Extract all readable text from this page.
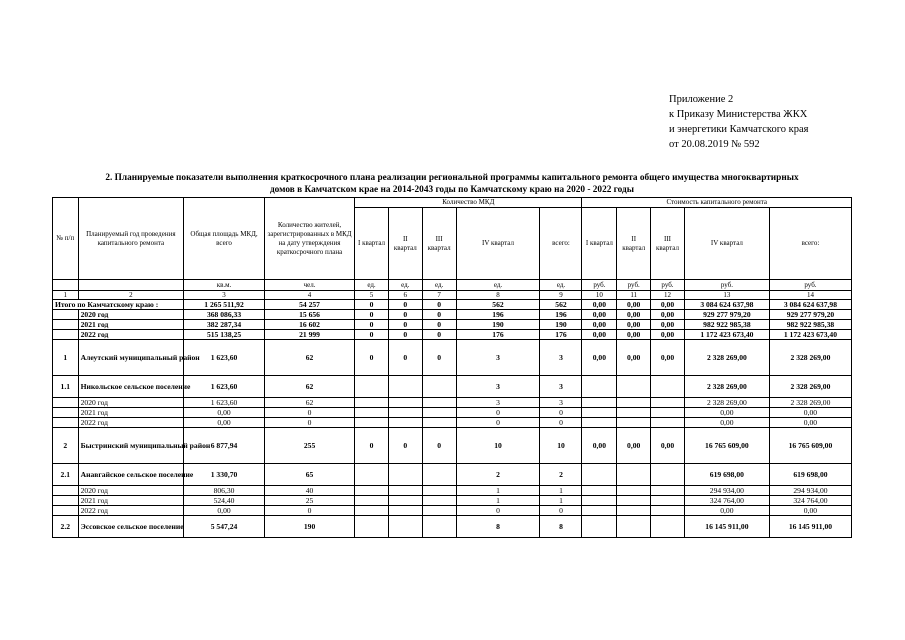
Приложение 2
к Приказу Министерства ЖКХ
и энергетики Камчатского края
от 20.08.2019 № 592
2. Планируемые показатели выполнения краткосрочного плана реализации региональной программы капитального ремонта общего имущества многоквартирных
домов в Камчатском крае на 2014-2043 годы по Камчатскому краю на 2020 - 2022 годы
№ п/п	Планируемый год проведения капитального ремонта	Общая площадь МКД, всего	Количество жителей, зарегистрированных в МКД на дату утверждения краткосрочного плана	Количество МКД					Стоимость капитального ремонта				
				I квартал	II квартал	III квартал	IV квартал	всего:	I квартал	II квартал	III квартал	IV квартал	всего:
		кв.м.	чел.	ед.	ед.	ед.	ед.	ед.	руб.	руб.	руб.	руб.	руб.
1	2	3	4	5	6	7	8	9	10	11	12	13	14
Итого по Камчатскому краю :		1 265 511,92	54 257	0	0	0	562	562	0,00	0,00	0,00	3 084 624 637,98	3 084 624 637,98
	2020 год	368 086,33	15 656	0	0	0	196	196	0,00	0,00	0,00	929 277 979,20	929 277 979,20
	2021 год	382 287,34	16 602	0	0	0	190	190	0,00	0,00	0,00	982 922 985,38	982 922 985,38
	2022 год	515 138,25	21 999	0	0	0	176	176	0,00	0,00	0,00	1 172 423 673,40	1 172 423 673,40
1	Алеутский муниципальный район	1 623,60	62	0	0	0	3	3	0,00	0,00	0,00	2 328 269,00	2 328 269,00
1.1	Никольское сельское поселение	1 623,60	62				3	3				2 328 269,00	2 328 269,00
	2020 год	1 623,60	62				3	3				2 328 269,00	2 328 269,00
	2021 год	0,00	0				0	0				0,00	0,00
	2022 год	0,00	0				0	0				0,00	0,00
2	Быстринский муниципальный район	6 877,94	255	0	0	0	10	10	0,00	0,00	0,00	16 765 609,00	16 765 609,00
2.1	Анавгайское сельское поселение	1 330,70	65				2	2				619 698,00	619 698,00
	2020 год	806,30	40				1	1				294 934,00	294 934,00
	2021 год	524,40	25				1	1				324 764,00	324 764,00
	2022 год	0,00	0				0	0				0,00	0,00
2.2	Эссовское сельское поселение	5 547,24	190				8	8				16 145 911,00	16 145 911,00
